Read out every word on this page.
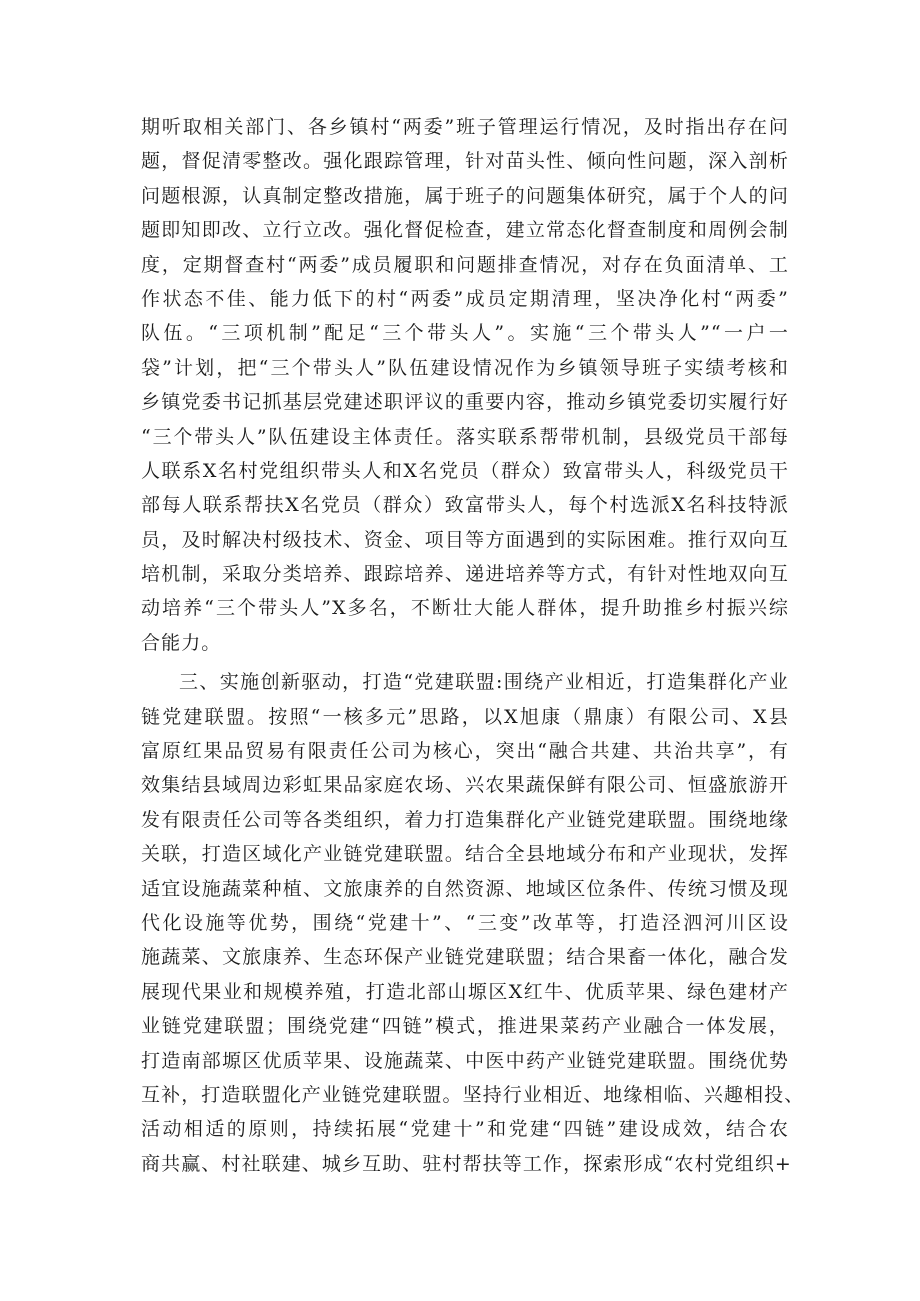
期听取相关部门、各乡镇村“两委”班子管理运行情况，及时指出存在问
题，督促清零整改。强化跟踪管理，针对苗头性、倾向性问题，深入剖析
问题根源，认真制定整改措施，属于班子的问题集体研究，属于个人的问
题即知即改、立行立改。强化督促检查，建立常态化督查制度和周例会制
度，定期督查村“两委”成员履职和问题排查情况，对存在负面清单、工
作状态不佳、能力低下的村“两委”成员定期清理，坚决净化村“两委”
队伍。“三项机制”配足“三个带头人”。实施“三个带头人”“一户一
袋”计划，把“三个带头人”队伍建设情况作为乡镇领导班子实绩考核和
乡镇党委书记抓基层党建述职评议的重要内容，推动乡镇党委切实履行好
“三个带头人”队伍建设主体责任。落实联系帮带机制，县级党员干部每
人联系X名村党组织带头人和X名党员（群众）致富带头人，科级党员干
部每人联系帮扶X名党员（群众）致富带头人，每个村选派X名科技特派
员，及时解决村级技术、资金、项目等方面遇到的实际困难。推行双向互
培机制，采取分类培养、跟踪培养、递进培养等方式，有针对性地双向互
动培养“三个带头人”X多名，不断壮大能人群体，提升助推乡村振兴综
合能力。
三、实施创新驱动，打造“党建联盟:围绕产业相近，打造集群化产业
链党建联盟。按照“一核多元”思路，以X旭康（鼎康）有限公司、X县
富原红果品贸易有限责任公司为核心，突出“融合共建、共治共享”，有
效集结县域周边彩虹果品家庭农场、兴农果蔬保鲜有限公司、恒盛旅游开
发有限责任公司等各类组织，着力打造集群化产业链党建联盟。围绕地缘
关联，打造区域化产业链党建联盟。结合全县地域分布和产业现状，发挥
适宜设施蔬菜种植、文旅康养的自然资源、地域区位条件、传统习惯及现
代化设施等优势，围绕“党建十”、“三变”改革等，打造泾泗河川区设
施蔬菜、文旅康养、生态环保产业链党建联盟；结合果畜一体化，融合发
展现代果业和规模养殖，打造北部山塬区X红牛、优质苹果、绿色建材产
业链党建联盟；围绕党建“四链”模式，推进果菜药产业融合一体发展，
打造南部塬区优质苹果、设施蔬菜、中医中药产业链党建联盟。围绕优势
互补，打造联盟化产业链党建联盟。坚持行业相近、地缘相临、兴趣相投、
活动相适的原则，持续拓展“党建十”和党建“四链”建设成效，结合农
商共赢、村社联建、城乡互助、驻村帮扶等工作，探索形成“农村党组织+
